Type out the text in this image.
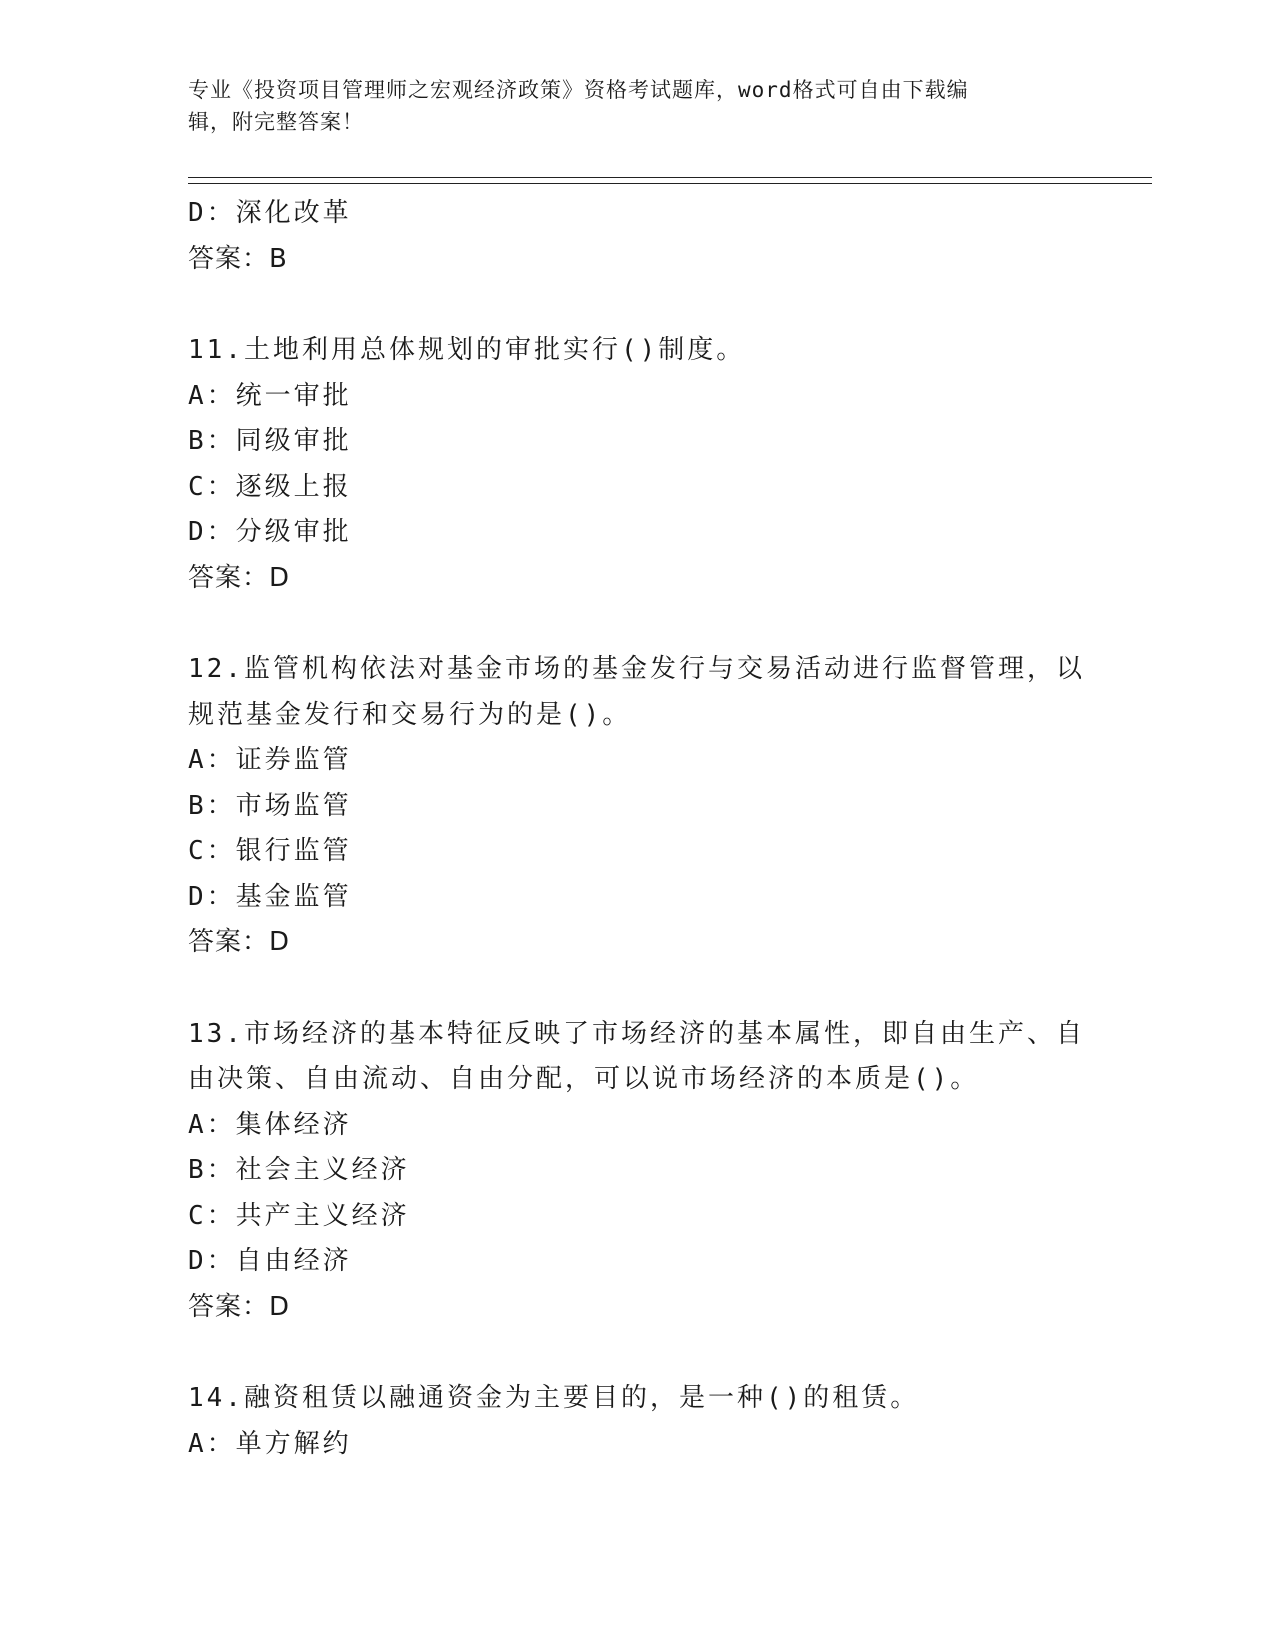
专业《投资项目管理师之宏观经济政策》资格考试题库，word格式可自由下载编
辑，附完整答案！
D：深化改革
答案：B
11.土地利用总体规划的审批实行()制度。
A：统一审批
B：同级审批
C：逐级上报
D：分级审批
答案：D
12.监管机构依法对基金市场的基金发行与交易活动进行监督管理，以
规范基金发行和交易行为的是()。
A：证券监管
B：市场监管
C：银行监管
D：基金监管
答案：D
13.市场经济的基本特征反映了市场经济的基本属性，即自由生产、自
由决策、自由流动、自由分配，可以说市场经济的本质是()。
A：集体经济
B：社会主义经济
C：共产主义经济
D：自由经济
答案：D
14.融资租赁以融通资金为主要目的，是一种()的租赁。
A：单方解约
